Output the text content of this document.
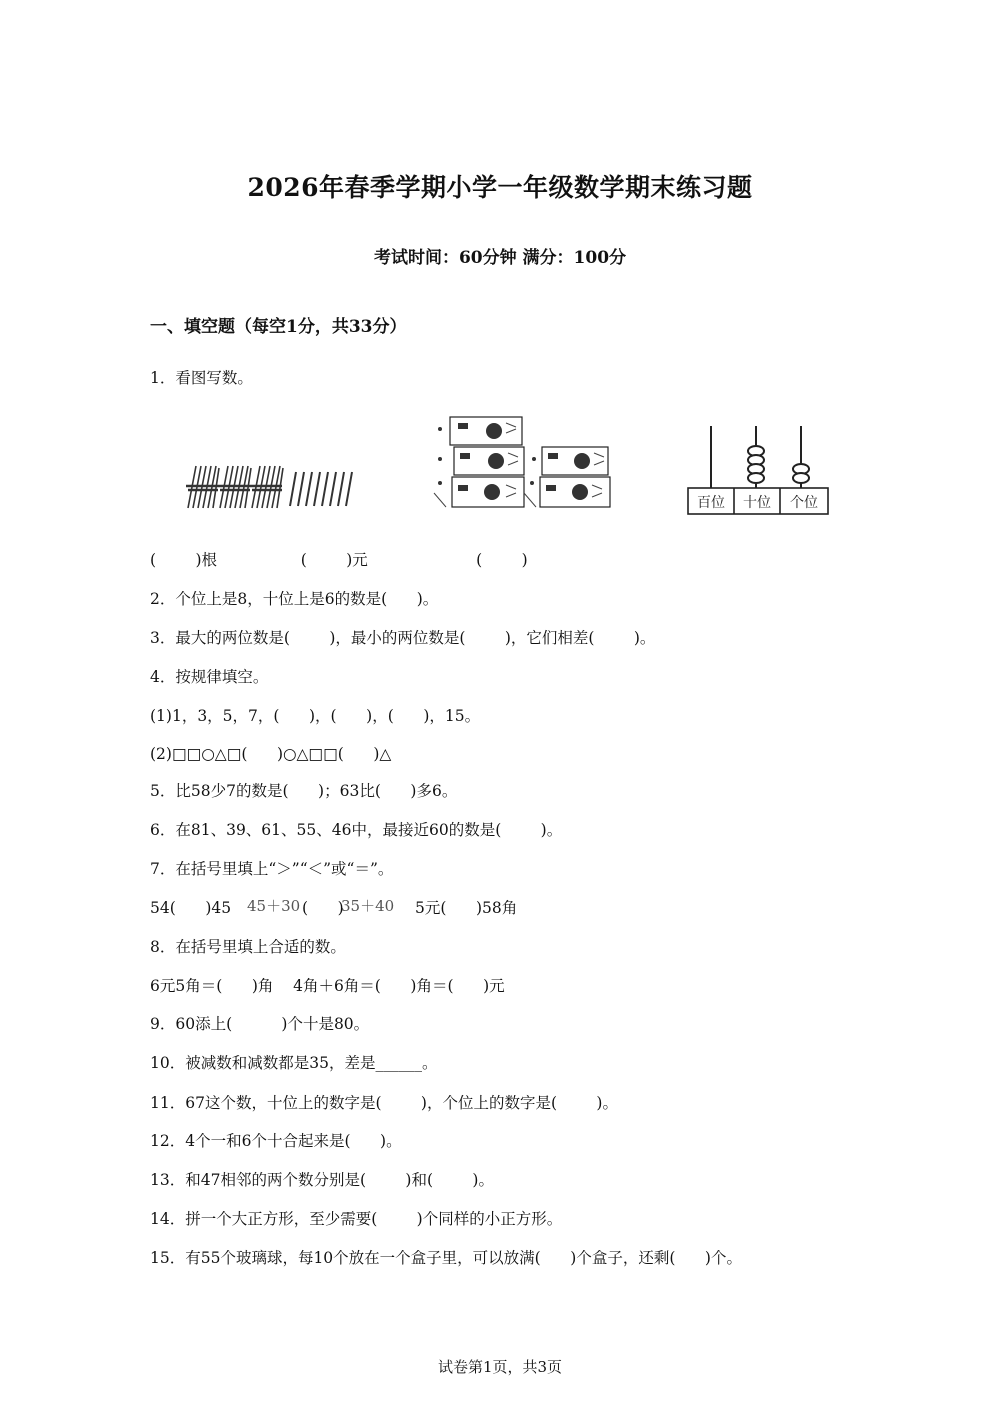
2026年春季学期小学一年级数学期末练习题
考试时间：60分钟 满分：100分
一、填空题（每空1分，共33分）
1．看图写数。
百位 十位 个位
(        )根                 (        )元                      (        )
2．个位上是8，十位上是6的数是(      )。
3．最大的两位数是(        )，最小的两位数是(        )，它们相差(        )。
4．按规律填空。
(1)1，3，5，7，(      )，(      )，(      )，15。
(2)□□○△□(      )○△□□(      )△
5．比58少7的数是(      )；63比(      )多6。
6．在81、39、61、55、46中，最接近60的数是(        )。
7．在括号里填上“＞”“＜”或“＝”。
54(      )45 45＋30 (      )
35＋40 5元(      )58角
8．在括号里填上合适的数。
6元5角＝(      )角    4角＋6角＝(      )角＝(      )元
9．60添上(          )个十是80。
10．被减数和减数都是35，差是______。
11．67这个数，十位上的数字是(        )，个位上的数字是(        )。
12．4个一和6个十合起来是(      )。
13．和47相邻的两个数分别是(        )和(        )。
14．拼一个大正方形，至少需要(        )个同样的小正方形。
15．有55个玻璃球，每10个放在一个盒子里，可以放满(      )个盒子，还剩(      )个。
试卷第1页，共3页
